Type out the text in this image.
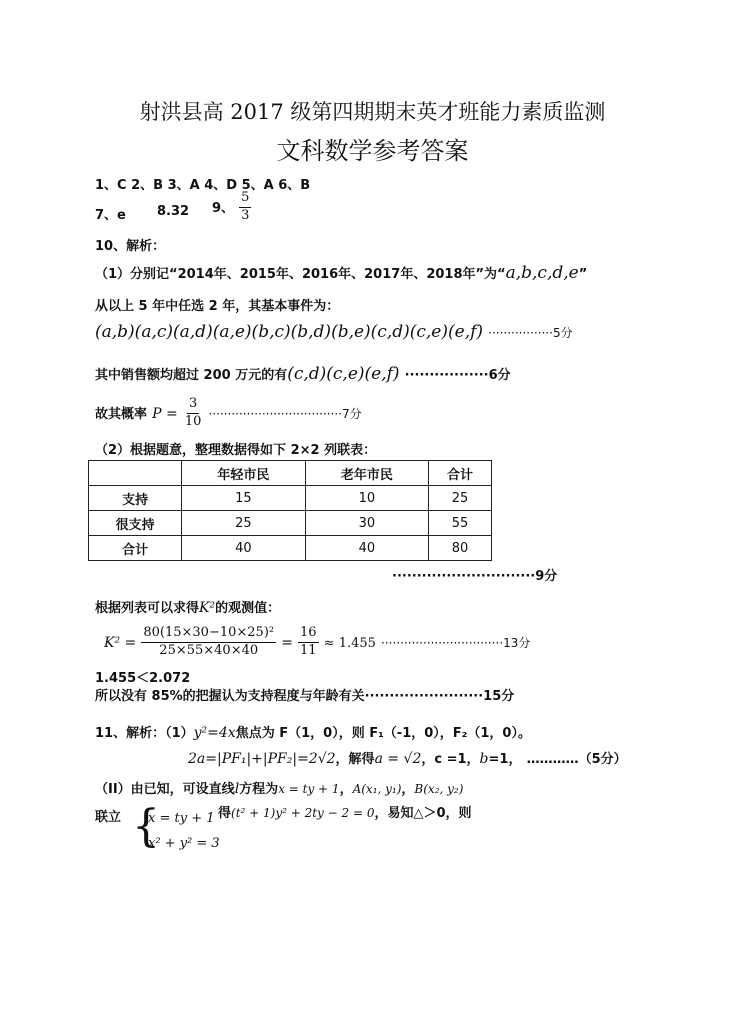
射洪县高 2017 级第四期期末英才班能力素质监测
文科数学参考答案
1、C 2、B 3、A 4、D 5、A 6、B
7、e 8.32 9、 $\frac{5}{3}$
10、解析：
（1）分别记“2014年、2015年、2016年、2017年、2018年”为“a,b,c,d,e”
从以上 5 年中任选 2 年，其基本事件为：
(a,b)(a,c)(a,d)(a,e)(b,c)(b,d)(b,e)(c,d)(c,e)(e,f) ·················5分
其中销售额均超过 200 万元的有(c,d)(c,e)(e,f) ·················6分
故其概率 $P = \frac{3}{10} \cdot\cdot\cdot\cdot\cdot\cdot\cdot\cdot\cdot\cdot\cdot\cdot\cdot\cdot\cdot\cdot\cdot\cdot\cdot\cdot\cdot\cdot\cdot\cdot\cdot\cdot\cdot\cdot\cdot\cdot\cdot\cdot\cdot\cdot\cdot 7$分
（2）根据题意，整理数据得如下 2×2 列联表：
	年轻市民	老年市民	合计
支持	15	10	25
很支持	25	30	55
合计	40	40	80
·····························9分
根据列表可以求得K²的观测值：
$K^2 = \frac{\text{80(15×30−10×25)²}}{25\times 55\times 40\times 40} = \frac{16}{11} \approx 1.455 \cdot\cdot\cdot\cdot\cdot\cdot\cdot\cdot\cdot\cdot\cdot\cdot\cdot\cdot\cdot\cdot\cdot\cdot\cdot\cdot\cdot\cdot\cdot\cdot\cdot\cdot\cdot\cdot\cdot\cdot\cdot\cdot 13$分
1.455＜2.072
所以没有 85%的把握认为支持程度与年龄有关························15分
11、解析：（1）y²=4x焦点为 F（1，0），则 F₁（-1，0），F₂（1，0）。
2a=|PF₁|+|PF₂|=2√2，解得a = √2，c =1，b=1， …………（5分）
（II）由已知，可设直线l方程为x = ty + 1，A(x₁, y₁)，B(x₂, y₂)
联立 {
x = ty + 1
x² + y² = 3
得(t² + 1)y² + 2ty − 2 = 0，易知△＞0，则
